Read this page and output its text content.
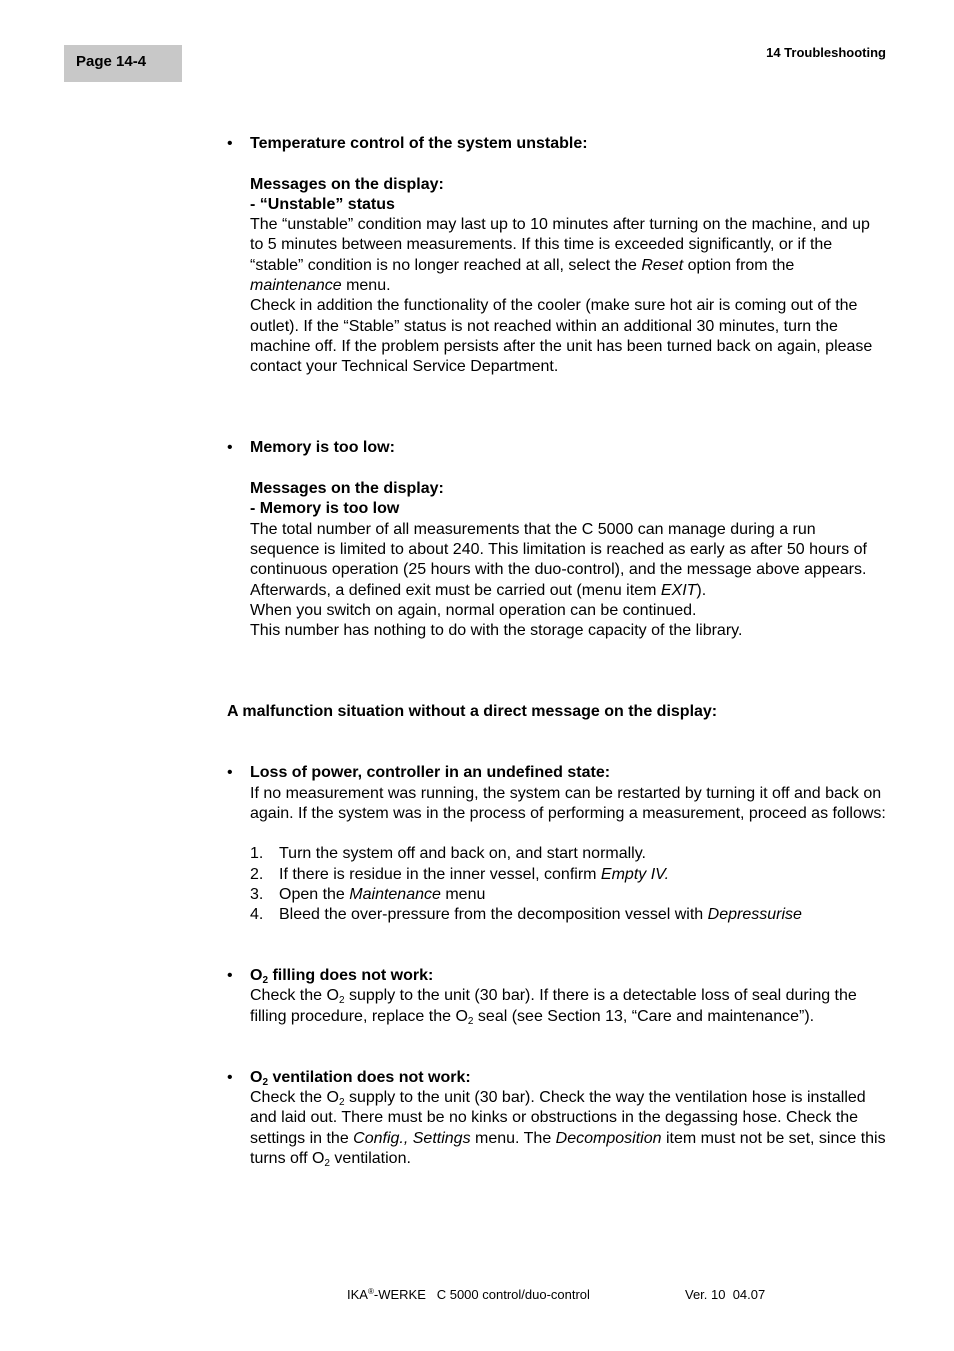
Page 14-4
14 Troubleshooting
•	Temperature control of the system unstable:

Messages on the display:

- “Unstable” status

The “unstable” condition may last up to 10 minutes after turning on the machine, and up to 5 minutes between measurements. If this time is exceeded significantly, or if the “stable” condition is no longer reached at all, select the Reset option from the maintenance menu.

Check in addition the functionality of the cooler (make sure hot air is coming out of the outlet). If the “Stable” status is not reached within an additional 30 minutes, turn the machine off. If the problem persists after the unit has been turned back on again, please contact your Technical Service Department.

•	Memory is too low:

Messages on the display:

- Memory is too low

The total number of all measurements that the C 5000 can manage during a run sequence is limited to about 240. This limitation is reached as early as after 50 hours of continuous operation (25 hours with the duo-control), and the message above appears. Afterwards, a defined exit must be carried out (menu item EXIT).

When you switch on again, normal operation can be continued.

This number has nothing to do with the storage capacity of the library.

A malfunction situation without a direct message on the display:

•	Loss of power, controller in an undefined state:

If no measurement was running, the system can be restarted by turning it off and back on again. If the system was in the process of performing a measurement, proceed as follows:

1. Turn the system off and back on, and start normally.
2. If there is residue in the inner vessel, confirm Empty IV.
3. Open the Maintenance menu
4. Bleed the over-pressure from the decomposition vessel with Depressurise
•	$O_2$ filling does not work:

Check the $O_2$ supply to the unit (30 bar). If there is a detectable loss of seal during the filling procedure, replace the $O_2$ seal (see Section 13, “Care and maintenance”).

•	$O_2$ ventilation does not work:

Check the $O_2$ supply to the unit (30 bar). Check the way the ventilation hose is installed and laid out. There must be no kinks or obstructions in the degassing hose. Check the settings in the Config., Settings menu. The Decomposition item must not be set, since this turns off $O_2$ ventilation.

IKA®-WERKE   C 5000 control/duo-control	Ver. 10  04.07
